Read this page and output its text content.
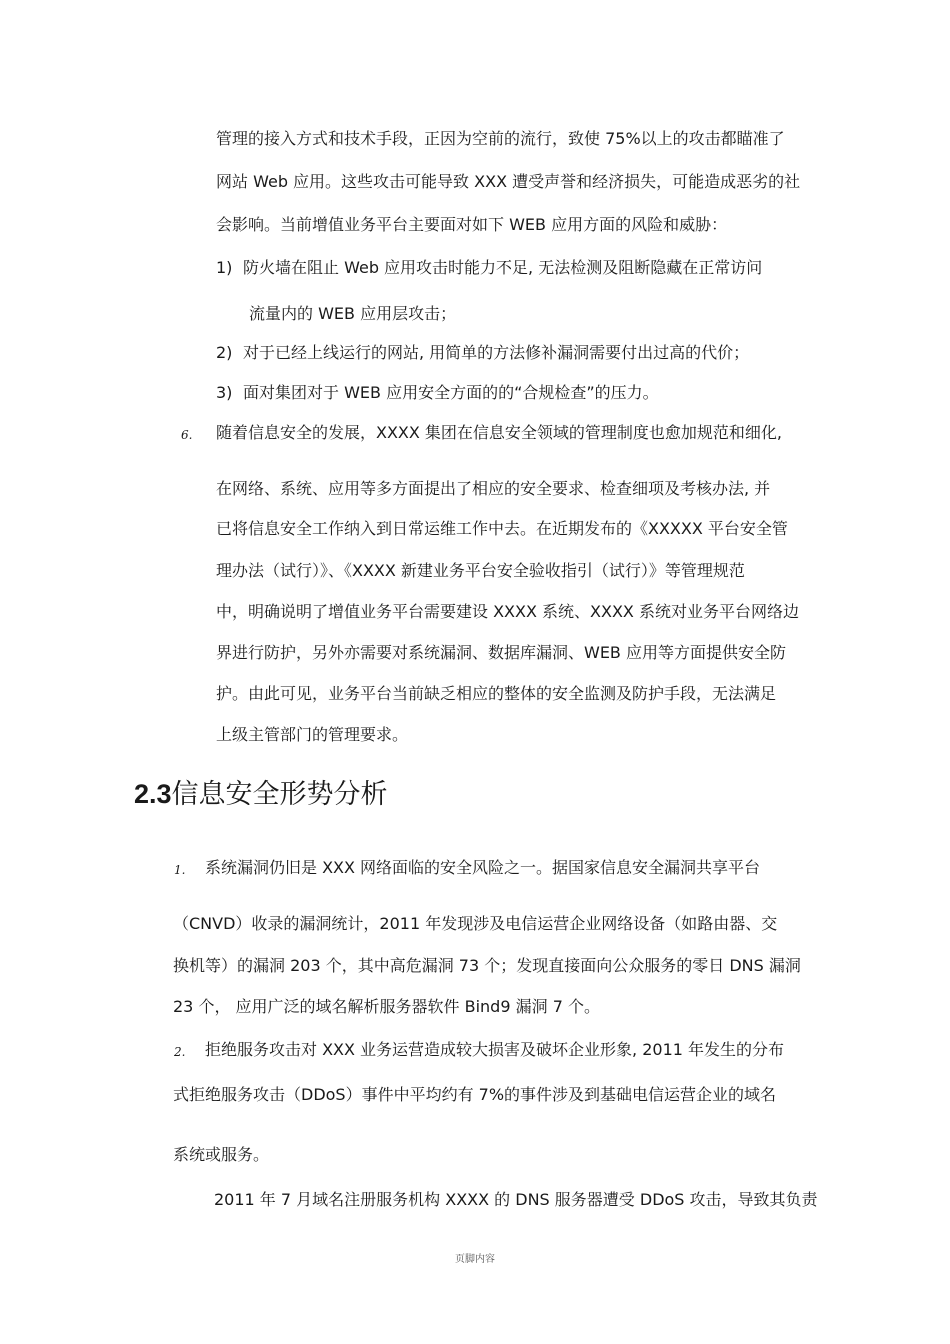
管理的接入方式和技术手段，正因为空前的流行，致使 75%以上的攻击都瞄准了
网站 Web 应用。这些攻击可能导致 XXX 遭受声誉和经济损失，可能造成恶劣的社
会影响。当前增值业务平台主要面对如下 WEB 应用方面的风险和威胁：
1) 防火墙在阻止 Web 应用攻击时能力不足, 无法检测及阻断隐藏在正常访问
流量内的 WEB 应用层攻击；
2) 对于已经上线运行的网站, 用简单的方法修补漏洞需要付出过高的代价；
3) 面对集团对于 WEB 应用安全方面的的“合规检查”的压力。
6. 随着信息安全的发展，XXXX 集团在信息安全领域的管理制度也愈加规范和细化,
在网络、系统、应用等多方面提出了相应的安全要求、检查细项及考核办法, 并
已将信息安全工作纳入到日常运维工作中去。在近期发布的《XXXXX 平台安全管
理办法（试行）》、《XXXX 新建业务平台安全验收指引（试行）》等管理规范
中，明确说明了增值业务平台需要建设 XXXX 系统、XXXX 系统对业务平台网络边
界进行防护，另外亦需要对系统漏洞、数据库漏洞、WEB 应用等方面提供安全防
护。由此可见，业务平台当前缺乏相应的整体的安全监测及防护手段，无法满足
上级主管部门的管理要求。
2.3信息安全形势分析
1. 系统漏洞仍旧是 XXX 网络面临的安全风险之一。据国家信息安全漏洞共享平台
（CNVD）收录的漏洞统计，2011 年发现涉及电信运营企业网络设备（如路由器、交
换机等）的漏洞 203 个，其中高危漏洞 73 个；发现直接面向公众服务的零日 DNS 漏洞
23 个， 应用广泛的域名解析服务器软件 Bind9 漏洞 7 个。
2. 拒绝服务攻击对 XXX 业务运营造成较大损害及破坏企业形象, 2011 年发生的分布
式拒绝服务攻击（DDoS）事件中平均约有 7%的事件涉及到基础电信运营企业的域名
系统或服务。
2011 年 7 月域名注册服务机构 XXXX 的 DNS 服务器遭受 DDoS 攻击，导致其负责
页脚内容
